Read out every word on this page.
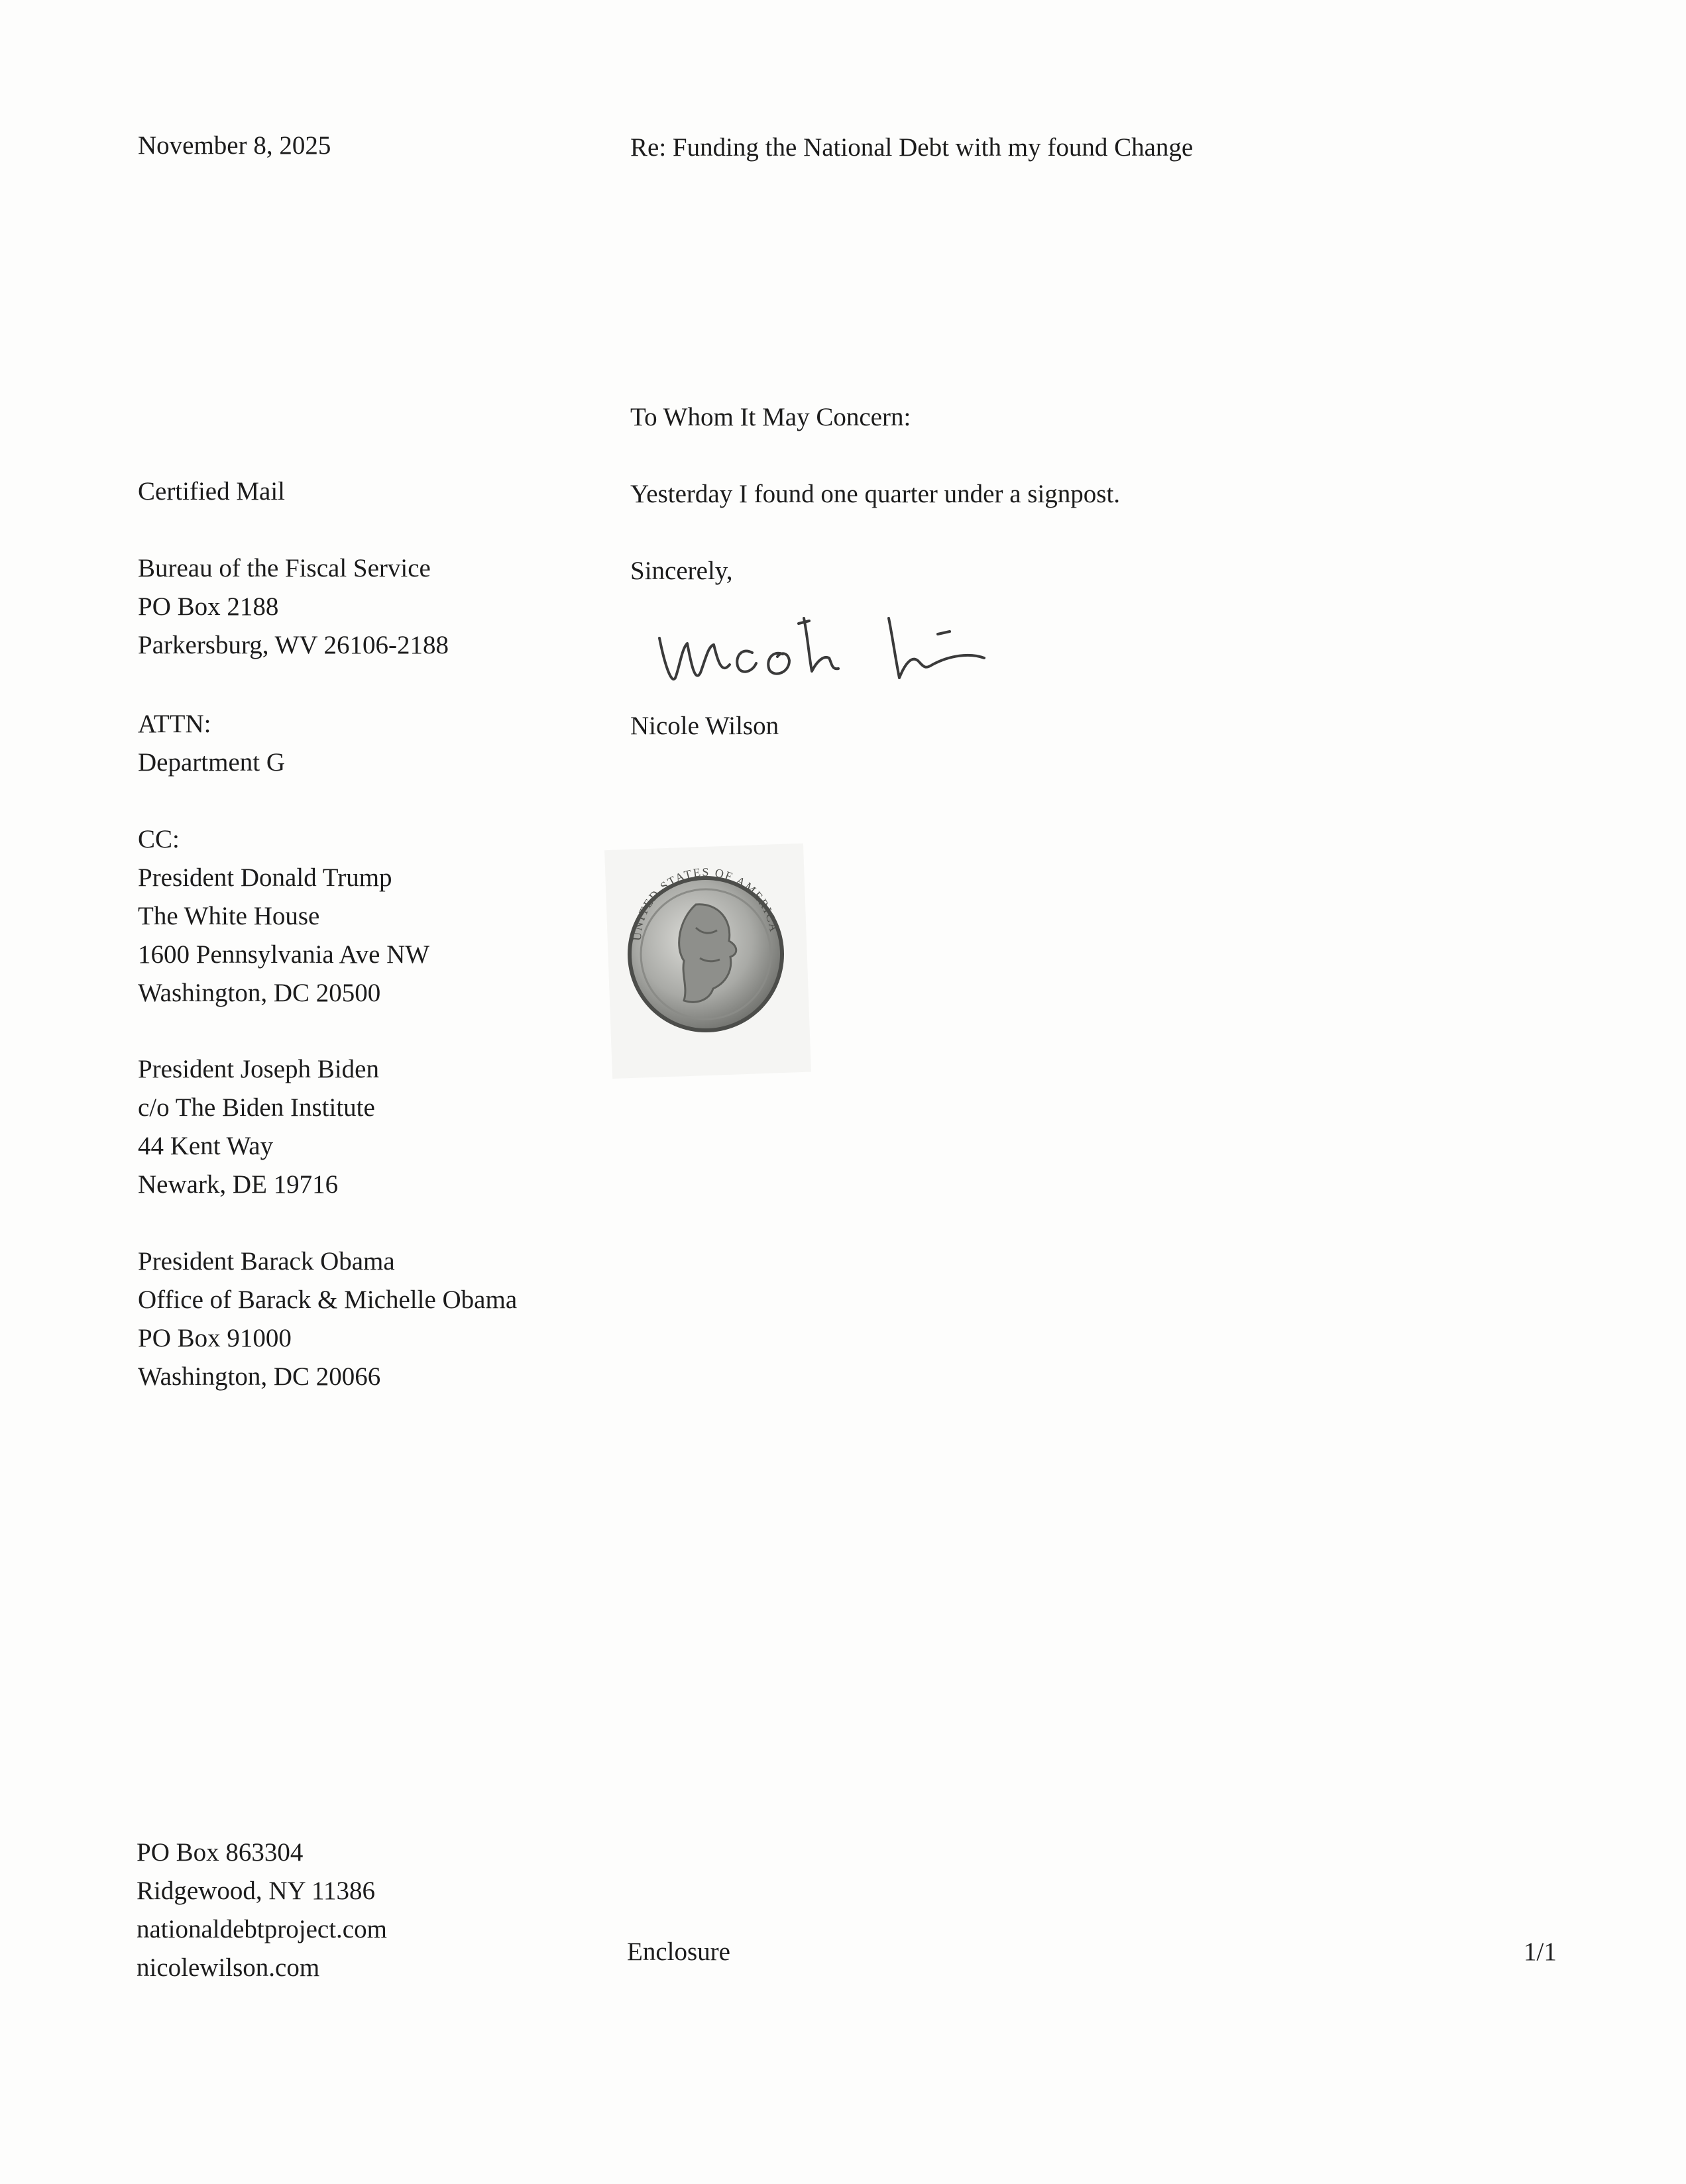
November 8, 2025
Certified Mail
Bureau of the Fiscal Service
PO Box 2188
Parkersburg, WV 26106-2188
ATTN:
Department G
CC:
President Donald Trump
The White House
1600 Pennsylvania Ave NW
Washington, DC 20500
President Joseph Biden
c/o The Biden Institute
44 Kent Way
Newark, DE 19716
President Barack Obama
Office of Barack & Michelle Obama
PO Box 91000
Washington, DC 20066
PO Box 863304
Ridgewood, NY 11386
nationaldebtproject.com
nicolewilson.com
Re: Funding the National Debt with my found Change
To Whom It May Concern:
Yesterday I found one quarter under a signpost.
Sincerely,
Nicole Wilson
UNITED STATES OF AMERICA
Enclosure	1/1
